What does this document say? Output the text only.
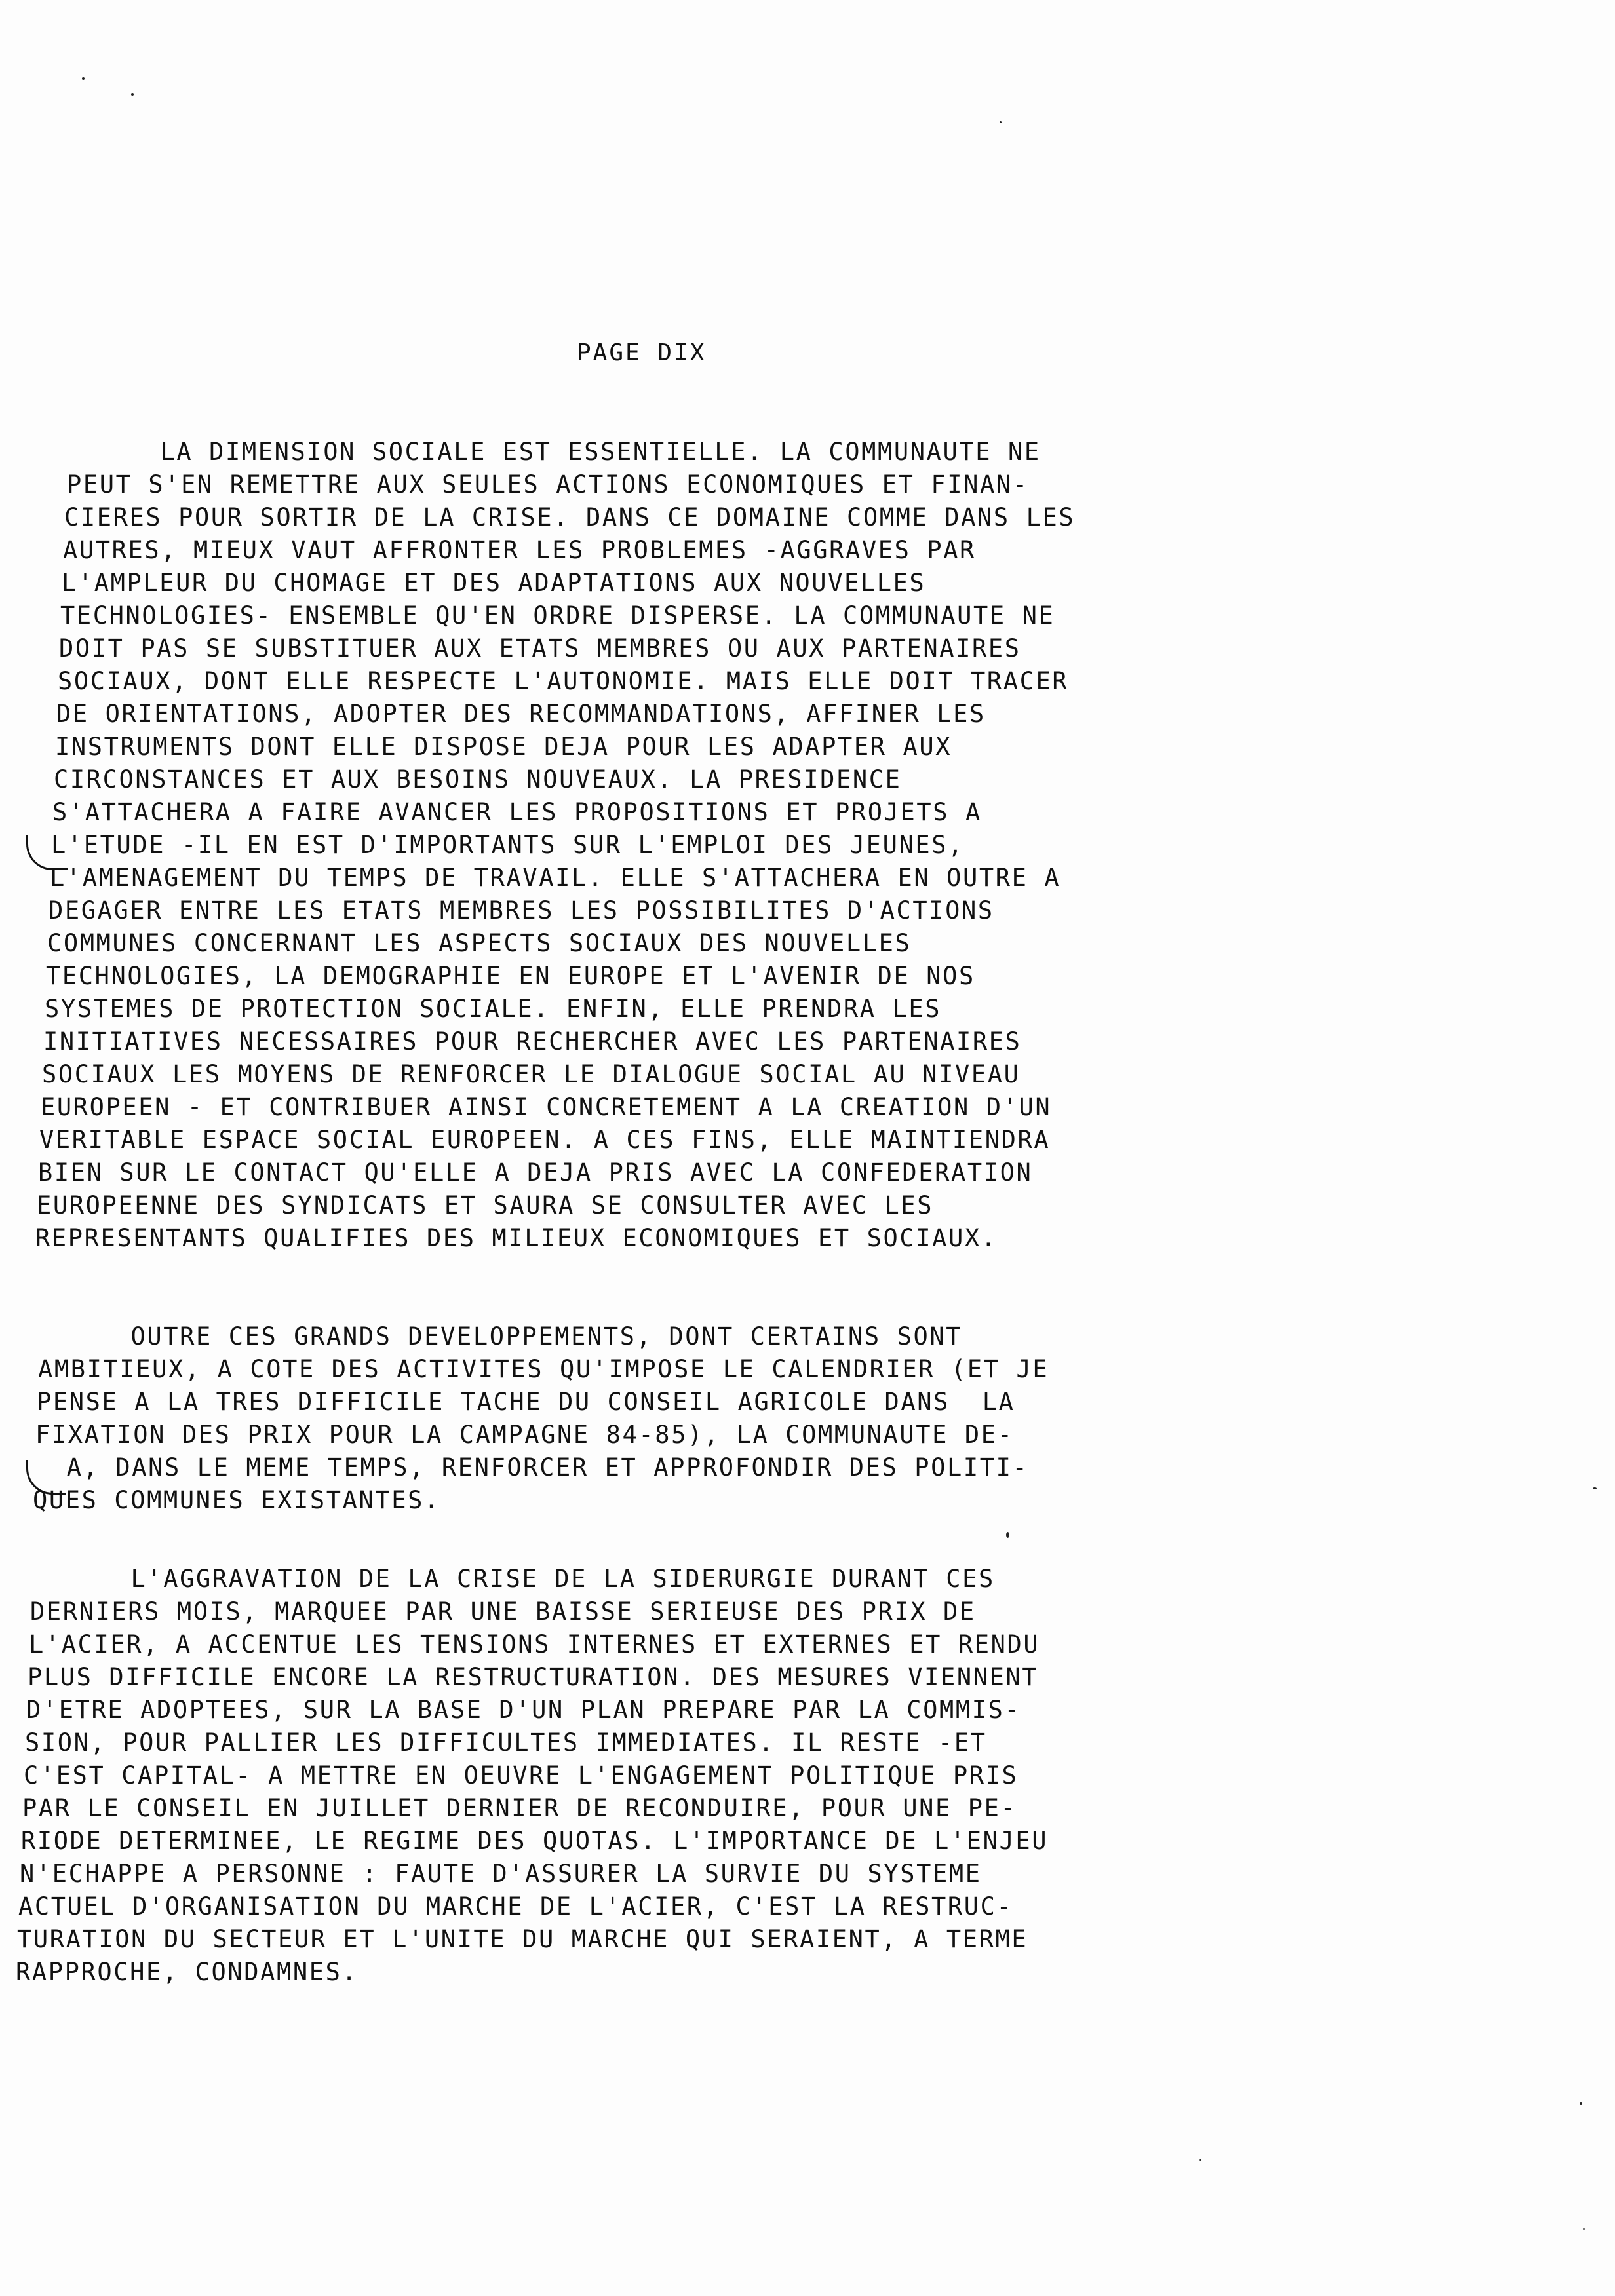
PAGE DIX
LA DIMENSION SOCIALE EST ESSENTIELLE. LA COMMUNAUTE NE
PEUT S'EN REMETTRE AUX SEULES ACTIONS ECONOMIQUES ET FINAN-
CIERES POUR SORTIR DE LA CRISE. DANS CE DOMAINE COMME DANS LES
AUTRES, MIEUX VAUT AFFRONTER LES PROBLEMES -AGGRAVES PAR
L'AMPLEUR DU CHOMAGE ET DES ADAPTATIONS AUX NOUVELLES
TECHNOLOGIES- ENSEMBLE QU'EN ORDRE DISPERSE. LA COMMUNAUTE NE
DOIT PAS SE SUBSTITUER AUX ETATS MEMBRES OU AUX PARTENAIRES
SOCIAUX, DONT ELLE RESPECTE L'AUTONOMIE. MAIS ELLE DOIT TRACER
DE ORIENTATIONS, ADOPTER DES RECOMMANDATIONS, AFFINER LES
INSTRUMENTS DONT ELLE DISPOSE DEJA POUR LES ADAPTER AUX
CIRCONSTANCES ET AUX BESOINS NOUVEAUX. LA PRESIDENCE
S'ATTACHERA A FAIRE AVANCER LES PROPOSITIONS ET PROJETS A
L'ETUDE -IL EN EST D'IMPORTANTS SUR L'EMPLOI DES JEUNES,
L'AMENAGEMENT DU TEMPS DE TRAVAIL. ELLE S'ATTACHERA EN OUTRE A
DEGAGER ENTRE LES ETATS MEMBRES LES POSSIBILITES D'ACTIONS
COMMUNES CONCERNANT LES ASPECTS SOCIAUX DES NOUVELLES
TECHNOLOGIES, LA DEMOGRAPHIE EN EUROPE ET L'AVENIR DE NOS
SYSTEMES DE PROTECTION SOCIALE. ENFIN, ELLE PRENDRA LES
INITIATIVES NECESSAIRES POUR RECHERCHER AVEC LES PARTENAIRES
SOCIAUX LES MOYENS DE RENFORCER LE DIALOGUE SOCIAL AU NIVEAU
EUROPEEN - ET CONTRIBUER AINSI CONCRETEMENT A LA CREATION D'UN
VERITABLE ESPACE SOCIAL EUROPEEN. A CES FINS, ELLE MAINTIENDRA
BIEN SUR LE CONTACT QU'ELLE A DEJA PRIS AVEC LA CONFEDERATION
EUROPEENNE DES SYNDICATS ET SAURA SE CONSULTER AVEC LES
REPRESENTANTS QUALIFIES DES MILIEUX ECONOMIQUES ET SOCIAUX.
OUTRE CES GRANDS DEVELOPPEMENTS, DONT CERTAINS SONT
AMBITIEUX, A COTE DES ACTIVITES QU'IMPOSE LE CALENDRIER (ET JE
PENSE A LA TRES DIFFICILE TACHE DU CONSEIL AGRICOLE DANS  LA
FIXATION DES PRIX POUR LA CAMPAGNE 84-85), LA COMMUNAUTE DE-
A, DANS LE MEME TEMPS, RENFORCER ET APPROFONDIR DES POLITI-
QUES COMMUNES EXISTANTES.
L'AGGRAVATION DE LA CRISE DE LA SIDERURGIE DURANT CES
DERNIERS MOIS, MARQUEE PAR UNE BAISSE SERIEUSE DES PRIX DE
L'ACIER, A ACCENTUE LES TENSIONS INTERNES ET EXTERNES ET RENDU
PLUS DIFFICILE ENCORE LA RESTRUCTURATION. DES MESURES VIENNENT
D'ETRE ADOPTEES, SUR LA BASE D'UN PLAN PREPARE PAR LA COMMIS-
SION, POUR PALLIER LES DIFFICULTES IMMEDIATES. IL RESTE -ET
C'EST CAPITAL- A METTRE EN OEUVRE L'ENGAGEMENT POLITIQUE PRIS
PAR LE CONSEIL EN JUILLET DERNIER DE RECONDUIRE, POUR UNE PE-
RIODE DETERMINEE, LE REGIME DES QUOTAS. L'IMPORTANCE DE L'ENJEU
N'ECHAPPE A PERSONNE : FAUTE D'ASSURER LA SURVIE DU SYSTEME
ACTUEL D'ORGANISATION DU MARCHE DE L'ACIER, C'EST LA RESTRUC-
TURATION DU SECTEUR ET L'UNITE DU MARCHE QUI SERAIENT, A TERME
RAPPROCHE, CONDAMNES.
